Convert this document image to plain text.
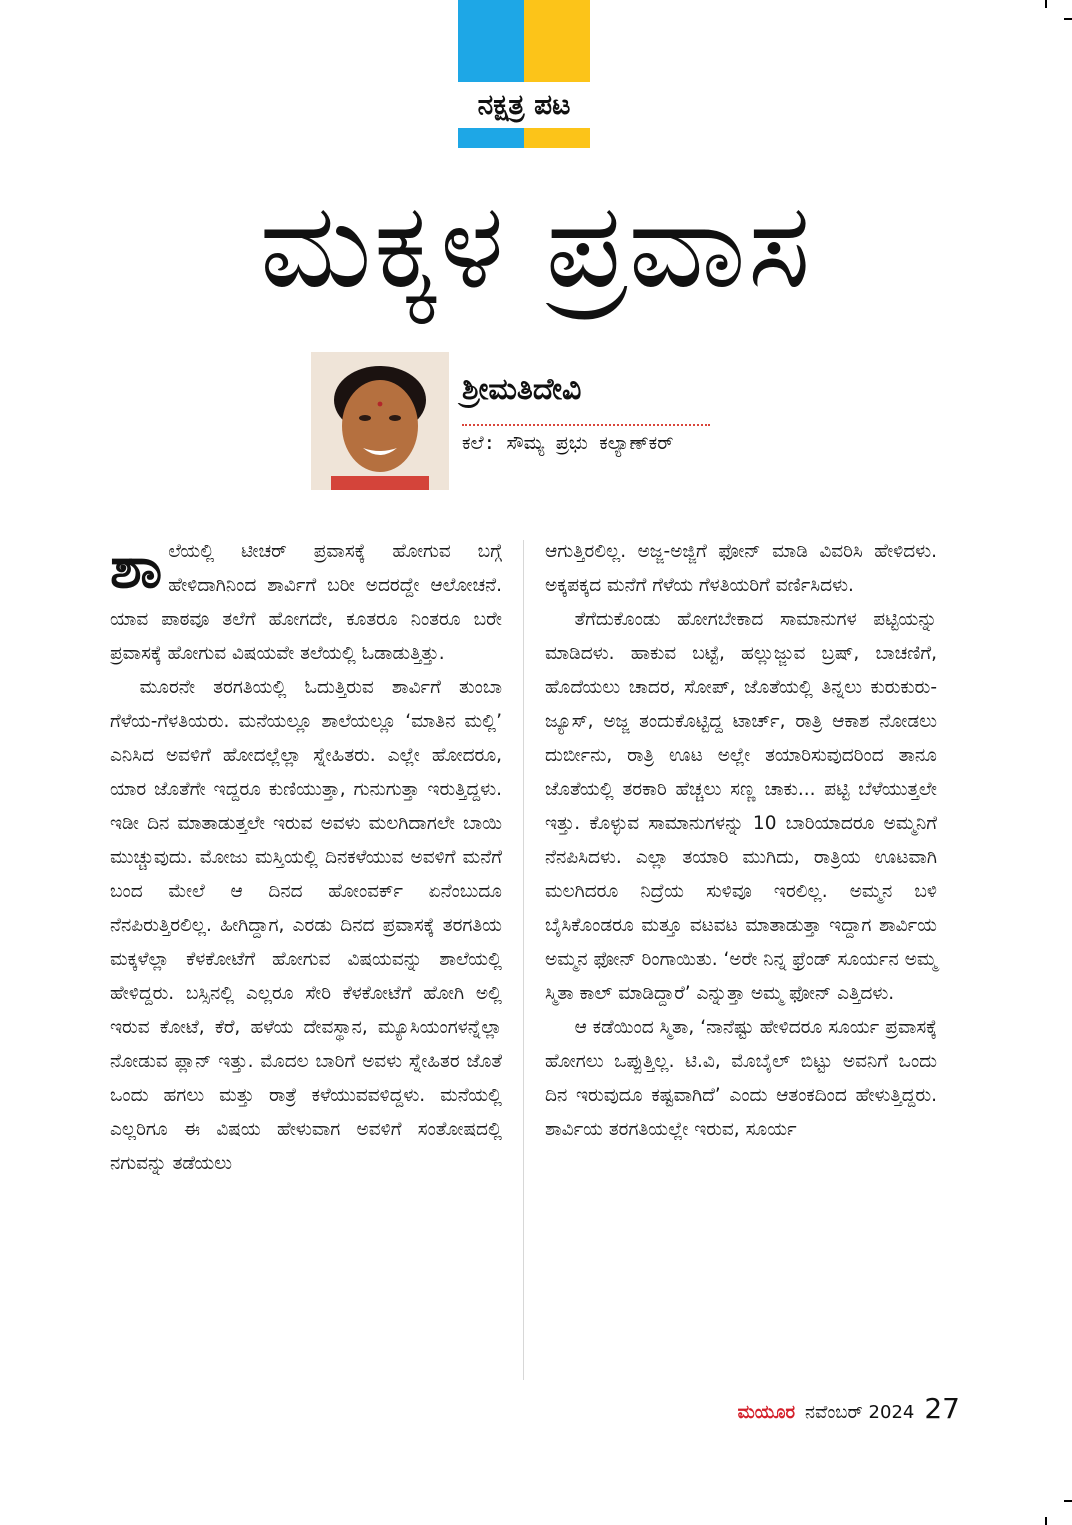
ನಕ್ಷತ್ರ ಪಟ
ಮಕ್ಕಳ ಪ್ರವಾಸ
ಶ್ರೀಮತಿದೇವಿ
ಕಲೆ: ಸೌಮ್ಯ ಪ್ರಭು ಕಲ್ಯಾಣ್‌ಕರ್

ಶಾಲೆಯಲ್ಲಿ ಟೀಚರ್ ಪ್ರವಾಸಕ್ಕೆ ಹೋಗುವ ಬಗ್ಗೆ ಹೇಳಿದಾಗಿನಿಂದ ಶಾರ್ವಿಗೆ ಬರೀ ಅದರದ್ದೇ ಆಲೋಚನೆ. ಯಾವ ಪಾಠವೂ ತಲೆಗೆ ಹೋಗದೇ, ಕೂತರೂ ನಿಂತರೂ ಬರೇ ಪ್ರವಾಸಕ್ಕೆ ಹೋಗುವ ವಿಷಯವೇ ತಲೆಯಲ್ಲಿ ಓಡಾಡುತ್ತಿತ್ತು.

ಮೂರನೇ ತರಗತಿಯಲ್ಲಿ ಓದುತ್ತಿರುವ ಶಾರ್ವಿಗೆ ತುಂಬಾ ಗೆಳೆಯ-ಗೆಳತಿಯರು. ಮನೆಯಲ್ಲೂ ಶಾಲೆಯಲ್ಲೂ ‘ಮಾತಿನ ಮಲ್ಲಿ’ ಎನಿಸಿದ ಅವಳಿಗೆ ಹೋದಲ್ಲೆಲ್ಲಾ ಸ್ನೇಹಿತರು. ಎಲ್ಲೇ ಹೋದರೂ, ಯಾರ ಜೊತೆಗೇ ಇದ್ದರೂ ಕುಣಿಯುತ್ತಾ, ಗುನುಗುತ್ತಾ ಇರುತ್ತಿದ್ದಳು. ಇಡೀ ದಿನ ಮಾತಾಡುತ್ತಲೇ ಇರುವ ಅವಳು ಮಲಗಿದಾಗಲೇ ಬಾಯಿ ಮುಚ್ಚುವುದು. ಮೋಜು ಮಸ್ತಿಯಲ್ಲಿ ದಿನಕಳೆಯುವ ಅವಳಿಗೆ ಮನೆಗೆ ಬಂದ ಮೇಲೆ ಆ ದಿನದ ಹೋಂವರ್ಕ್ ಏನೆಂಬುದೂ ನೆನಪಿರುತ್ತಿರಲಿಲ್ಲ. ಹೀಗಿದ್ದಾಗ, ಎರಡು ದಿನದ ಪ್ರವಾಸಕ್ಕೆ ತರಗತಿಯ ಮಕ್ಕಳೆಲ್ಲಾ ಕೆಳಕೋಟೆಗೆ ಹೋಗುವ ವಿಷಯವನ್ನು ಶಾಲೆಯಲ್ಲಿ ಹೇಳಿದ್ದರು. ಬಸ್ಸಿನಲ್ಲಿ ಎಲ್ಲರೂ ಸೇರಿ ಕೆಳಕೋಟೆಗೆ ಹೋಗಿ ಅಲ್ಲಿ ಇರುವ ಕೋಟೆ, ಕೆರೆ, ಹಳೆಯ ದೇವಸ್ಥಾನ, ಮ್ಯೂಸಿಯಂಗಳನ್ನೆಲ್ಲಾ ನೋಡುವ ಪ್ಲಾನ್ ಇತ್ತು. ಮೊದಲ ಬಾರಿಗೆ ಅವಳು ಸ್ನೇಹಿತರ ಜೊತೆ ಒಂದು ಹಗಲು ಮತ್ತು ರಾತ್ರೆ ಕಳೆಯುವವಳಿದ್ದಳು. ಮನೆಯಲ್ಲಿ ಎಲ್ಲರಿಗೂ ಈ ವಿಷಯ ಹೇಳುವಾಗ ಅವಳಿಗೆ ಸಂತೋಷದಲ್ಲಿ ನಗುವನ್ನು ತಡೆಯಲು

ಆಗುತ್ತಿರಲಿಲ್ಲ. ಅಜ್ಜ-ಅಜ್ಜಿಗೆ ಫೋನ್ ಮಾಡಿ ವಿವರಿಸಿ ಹೇಳಿದಳು. ಅಕ್ಕಪಕ್ಕದ ಮನೆಗೆ ಗೆಳೆಯ ಗೆಳತಿಯರಿಗೆ ವರ್ಣಿಸಿದಳು.

ತೆಗೆದುಕೊಂಡು ಹೋಗಬೇಕಾದ ಸಾಮಾನುಗಳ ಪಟ್ಟಿಯನ್ನು ಮಾಡಿದಳು. ಹಾಕುವ ಬಟ್ಟೆ, ಹಲ್ಲುಜ್ಜುವ ಬ್ರಷ್, ಬಾಚಣಿಗೆ, ಹೊದೆಯಲು ಚಾದರ, ಸೋಪ್, ಜೊತೆಯಲ್ಲಿ ತಿನ್ನಲು ಕುರುಕುರು-ಜ್ಯೂಸ್, ಅಜ್ಜ ತಂದುಕೊಟ್ಟಿದ್ದ ಟಾರ್ಚ್, ರಾತ್ರಿ ಆಕಾಶ ನೋಡಲು ದುರ್ಬೀನು, ರಾತ್ರಿ ಊಟ ಅಲ್ಲೇ ತಯಾರಿಸುವುದರಿಂದ ತಾನೂ ಜೊತೆಯಲ್ಲಿ ತರಕಾರಿ ಹೆಚ್ಚಲು ಸಣ್ಣ ಚಾಕು... ಪಟ್ಟಿ ಬೆಳೆಯುತ್ತಲೇ ಇತ್ತು. ಕೊಳ್ಳುವ ಸಾಮಾನುಗಳನ್ನು 10 ಬಾರಿಯಾದರೂ ಅಮ್ಮನಿಗೆ ನೆನಪಿಸಿದಳು. ಎಲ್ಲಾ ತಯಾರಿ ಮುಗಿದು, ರಾತ್ರಿಯ ಊಟವಾಗಿ ಮಲಗಿದರೂ ನಿದ್ರೆಯ ಸುಳಿವೂ ಇರಲಿಲ್ಲ. ಅಮ್ಮನ ಬಳಿ ಬೈಸಿಕೊಂಡರೂ ಮತ್ತೂ ವಟವಟ ಮಾತಾಡುತ್ತಾ ಇದ್ದಾಗ ಶಾರ್ವಿಯ ಅಮ್ಮನ ಫೋನ್ ರಿಂಗಾಯಿತು. ‘ಅರೇ ನಿನ್ನ ಫ್ರೆಂಡ್ ಸೂರ್ಯನ ಅಮ್ಮ ಸ್ಮಿತಾ ಕಾಲ್ ಮಾಡಿದ್ದಾರೆ’ ಎನ್ನುತ್ತಾ ಅಮ್ಮ ಫೋನ್ ಎತ್ತಿದಳು.

ಆ ಕಡೆಯಿಂದ ಸ್ಮಿತಾ, ‘ನಾನೆಷ್ಟು ಹೇಳಿದರೂ ಸೂರ್ಯ ಪ್ರವಾಸಕ್ಕೆ ಹೋಗಲು ಒಪ್ಪುತ್ತಿಲ್ಲ. ಟಿ.ವಿ, ಮೊಬೈಲ್ ಬಿಟ್ಟು ಅವನಿಗೆ ಒಂದು ದಿನ ಇರುವುದೂ ಕಷ್ಟವಾಗಿದೆ’ ಎಂದು ಆತಂಕದಿಂದ ಹೇಳುತ್ತಿದ್ದರು. ಶಾರ್ವಿಯ ತರಗತಿಯಲ್ಲೇ ಇರುವ, ಸೂರ್ಯ

ಮಯೂರ ನವೆಂಬರ್ 2024 27
